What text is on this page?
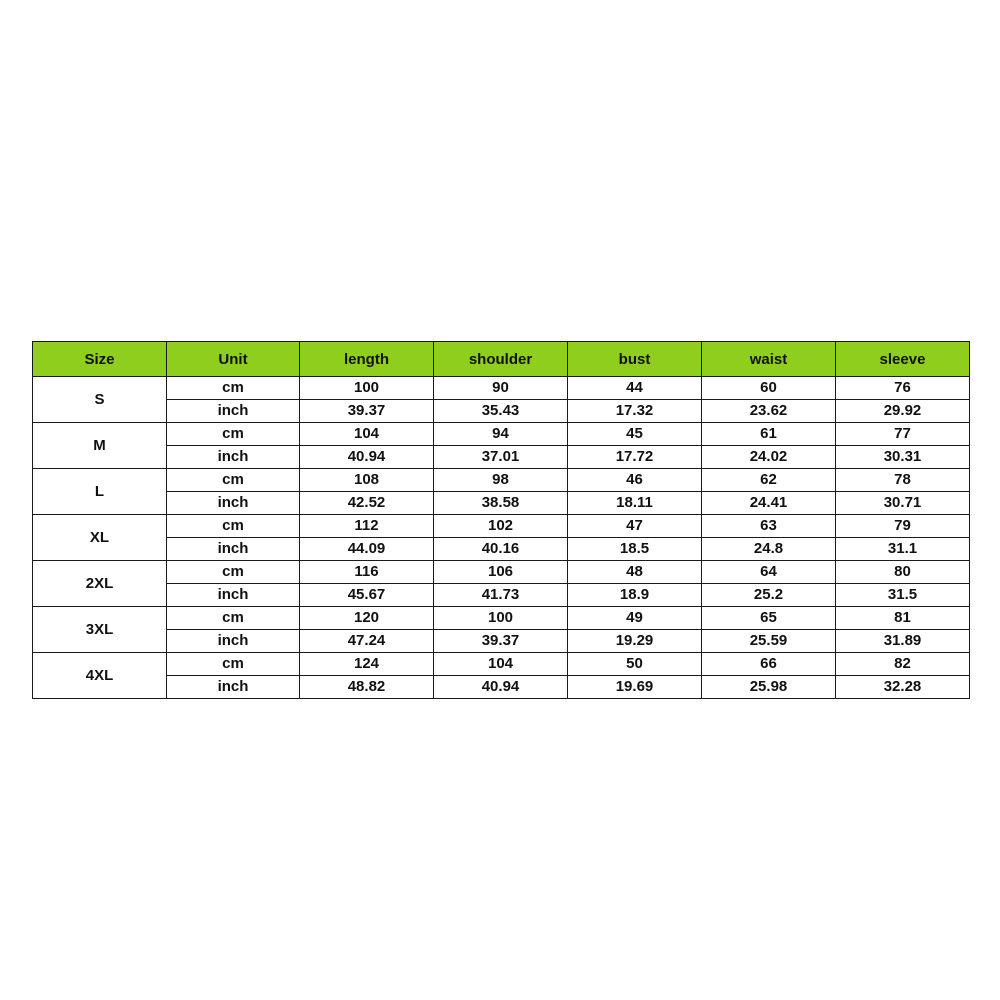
Size	Unit	length	shoulder	bust	waist	sleeve
S	cm	100	90	44	60	76
	inch	39.37	35.43	17.32	23.62	29.92
M	cm	104	94	45	61	77
	inch	40.94	37.01	17.72	24.02	30.31
L	cm	108	98	46	62	78
	inch	42.52	38.58	18.11	24.41	30.71
XL	cm	112	102	47	63	79
	inch	44.09	40.16	18.5	24.8	31.1
2XL	cm	116	106	48	64	80
	inch	45.67	41.73	18.9	25.2	31.5
3XL	cm	120	100	49	65	81
	inch	47.24	39.37	19.29	25.59	31.89
4XL	cm	124	104	50	66	82
	inch	48.82	40.94	19.69	25.98	32.28
